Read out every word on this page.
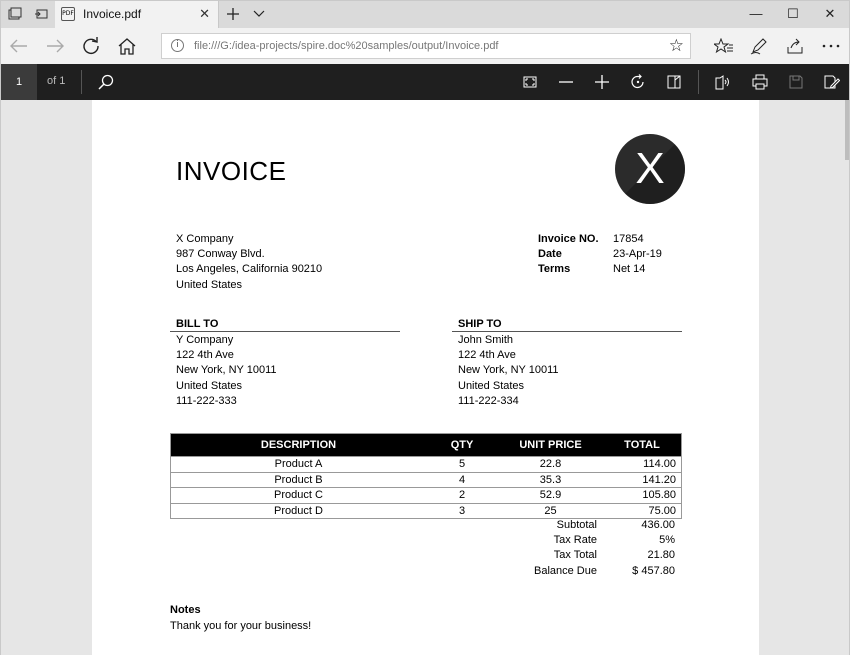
PDF Invoice.pdf	✕	—	☐	✕
i	file:///G:/idea-projects/spire.doc%20samples/output/Invoice.pdf	☆
1	of 1
INVOICE	X
X Company
987 Conway Blvd.
Los Angeles, California 90210
United States
Invoice NO. 17854
Date	23-Apr-19
Terms	Net 14
BILL TO
Y Company
122 4th Ave
New York, NY 10011
United States
111-222-333
SHIP TO
John Smith
122 4th Ave
New York, NY 10011
United States
111-222-334
DESCRIPTION	QTY	UNIT PRICE	TOTAL
Product A	5	22.8	114.00
Product B	4	35.3	141.20
Product C	2	52.9	105.80
Product D	3	25	75.00
Subtotal	436.00
Tax Rate	5%
Tax Total	21.80
Balance Due	$ 457.80
Notes
Thank you for your business!
